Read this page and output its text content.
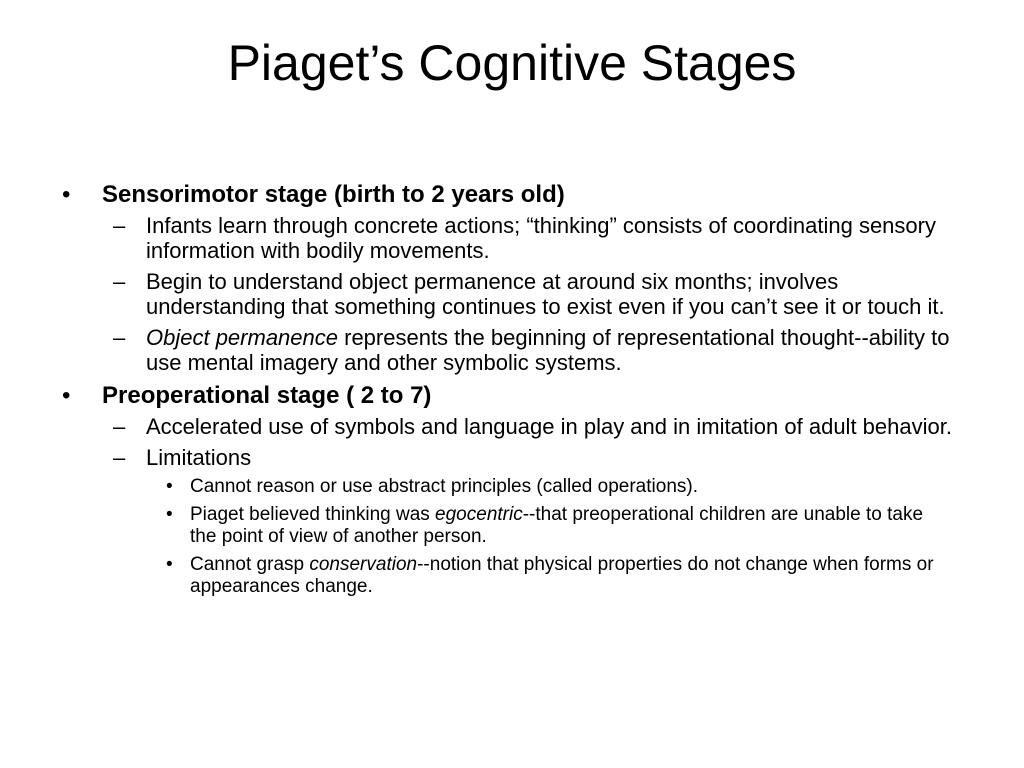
Piaget’s Cognitive Stages
• Sensorimotor stage (birth to 2 years old)
– Infants learn through concrete actions; “thinking” consists of coordinating sensory information with bodily movements.
– Begin to understand object permanence at around six months; involves understanding that something continues to exist even if you can’t see it or touch it.
– Object permanence represents the beginning of representational thought--ability to use mental imagery and other symbolic systems.
• Preoperational stage ( 2 to 7)
– Accelerated use of symbols and language in play and in imitation of adult behavior.
– Limitations
• Cannot reason or use abstract principles (called operations).
• Piaget believed thinking was egocentric--that preoperational children are unable to take the point of view of another person.
• Cannot grasp conservation--notion that physical properties do not change when forms or appearances change.
